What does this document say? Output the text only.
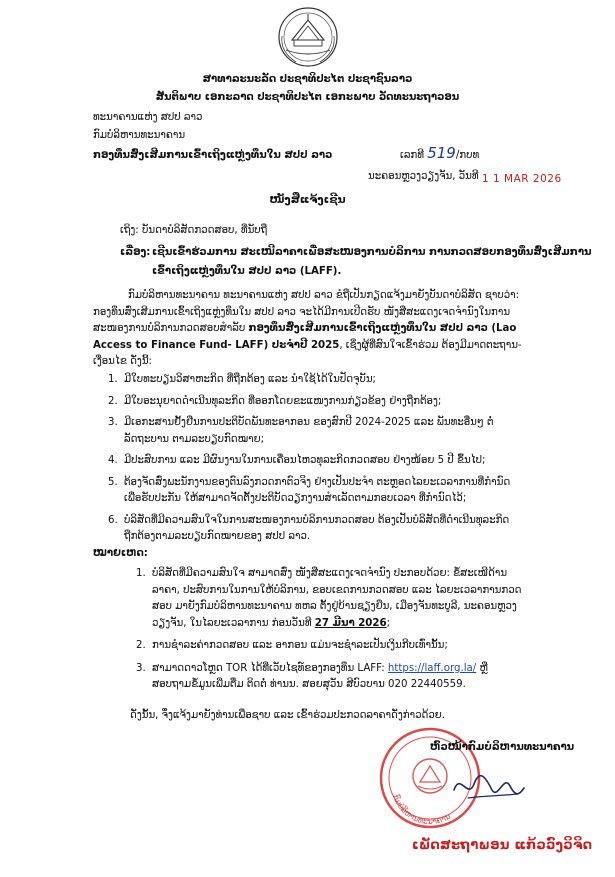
ສາທາລະນະລັດ ປະຊາທິປະໄຕ ປະຊາຊົນລາວ
ສັນຕິພາບ ເອກະລາດ ປະຊາທິປະໄຕ ເອກະພາບ ວັດທະນະຖາວອນ
ທະນາຄານແຫ່ງ ສປປ ລາວ
ກົມບໍລິຫານທະນາຄານ
ກອງທຶນສົ່ງເສີມການເຂົ້າເຖິງແຫຼ່ງທຶນໃນ ສປປ ລາວ	ເລກທີ 519/ກບທ
ນະຄອນຫຼວງວຽງຈັນ, ວັນທີ 1 1 MAR 2026
ໜັງສືແຈ້ງເຊີນ
ເຖິງ: ບັນດາບໍລິສັດກວດສອບ, ທີ່ນັບຖື
ເລື່ອງ: ເຊີນເຂົ້າຮ່ວມການ ສະເໜີລາຄາເພື່ອສະໜອງການບໍລິການ ການກວດສອບກອງທຶນສົ່ງເສີມການ
ເຂົ້າເຖິງແຫຼ່ງທຶນໃນ ສປປ ລາວ (LAFF).
ກົມບໍລິຫານທະນາຄານ ທະນາຄານແຫ່ງ ສປປ ລາວ ຂໍຖືເປັນກຽດແຈ້ງມາຍັງບັນດາບໍລິສັດ ຊາບວ່າ: ກອງທຶນສົ່ງເສີມການເຂົ້າເຖິງແຫຼ່ງທຶນໃນ ສປປ ລາວ ຈະໄດ້ມີການເປີດຮັບ ໜັງສືສະແດງເຈດຈຳນົງໃນການສະໜອງການບໍລິການກວດສອບສຳລັບ ກອງທຶນສົ່ງເສີມການເຂົ້າເຖິງແຫຼ່ງທຶນໃນ ສປປ ລາວ (Lao Access to Finance Fund- LAFF) ປະຈຳປີ 2025, ເຊິ່ງຜູ້ທີ່ສົນໃຈເຂົ້າຮ່ວມ ຕ້ອງມີມາດຕະຖານ-ເງື່ອນໄຂ ດັ່ງນີ້:
1. ມີໃບທະບຽນວິສາຫະກິດ ທີ່ຖືກຕ້ອງ ແລະ ນຳໃຊ້ໄດ້ໃນປັດຈຸບັນ;
2. ມີໃບອະນຸຍາດດຳເນີນທຸລະກິດ ທີ່ອອກໂດຍຂະແໜງການກ່ຽວຂ້ອງ ຢ່າງຖືກຕ້ອງ;
3. ມີເອກະສານຢັ້ງຢືນການປະຕິບັດພັນທະອາກອນ ຂອງສົກປີ 2024-2025 ແລະ ພັນທະອື່ນໆ ຕໍ່ລັດຖະບານ ຕາມລະບຽບກົດໝາຍ;
4. ມີປະສົບການ ແລະ ມີຜົນງານໃນການເຄື່ອນໄຫວທຸລະກິດກວດສອບ ຢ່າງໜ້ອຍ 5 ປີ ຂຶ້ນໄປ;
5. ຕ້ອງຈັດສົ່ງພະນັກງານຂອງຕົນລົງກວດກາຕົວຈິງ ຢ່າງເປັນປະຈຳ ຕະຫຼອດໄລຍະເວລາການທີ່ກຳນົດ ເພື່ອຮັບປະກັນ ໃຫ້ສາມາດຈັດຕັ້ງປະຕິບັດວຽກງານສຳເລັດຕາມກອບເວລາ ທີ່ກຳນົດໄວ້;
6. ບໍລິສັດທີ່ມີຄວາມສົນໃຈໃນການສະໜອງການບໍລິການກວດສອບ ຕ້ອງເປັນບໍລິສັດທີ່ດຳເນີນທຸລະກິດຖືກຕ້ອງຕາມລະບຽບກົດໝາຍຂອງ ສປປ ລາວ.
ໝາຍເຫດ:
1. ບໍລິສັດທີ່ມີຄວາມສົນໃຈ ສາມາດສົ່ງ ໜັງສືສະແດງເຈດຈຳນົງ ປະກອບດ້ວຍ: ຂໍ້ສະເໜີດ້ານລາຄາ, ປະສົບການໃນການໃຫ້ບໍລິການ, ຂອບເຂດການກວດສອບ ແລະ ໄລຍະເວລາການກວດສອບ ມາຍັງກົມບໍລິຫານທະນາຄານ ທຫລ ຕັ້ງຢູ່ບ້ານຊຽງຍືນ, ເມືອງຈັນທະບູລີ, ນະຄອນຫຼວງວຽງຈັນ, ໃນໄລຍະເວລາການ ກ່ອນວັນທີ 27 ມີນາ 2026;
2. ການຊຳລະຄ່າກວດສອບ ແລະ ອາກອນ ແມ່ນຈະຊຳລະເປັນເງິນກີບເທົ່ານັ້ນ;
3. ສາມາດດາວໂຫຼດ TOR ໄດ້ທີ່ເວັບໄຊທ໌ຂອງກອງທຶນ LAFF: https://laff.org.la/ ຫຼື ສອບຖາມຂໍ້ມູນເພີ່ມຕື່ມ ຕິດຕໍ່ ທ່ານນ. ສອຍສຸວັນ ສີບົວບານ 020 22440559.
ດັ່ງນັ້ນ, ຈຶ່ງແຈ້ງມາຍັງທ່ານເພື່ອຊາບ ແລະ ເຂົ້າຮ່ວມປະກວດລາຄາດັ່ງກ່າວດ້ວຍ.
ກົມບໍລິຫານທະນາຄານ
ຫົວໜ້າກົມບໍລິຫານທະນາຄານ
ເພັດສະຖາພອນ ແກ້ວວົງວິຈິດ
